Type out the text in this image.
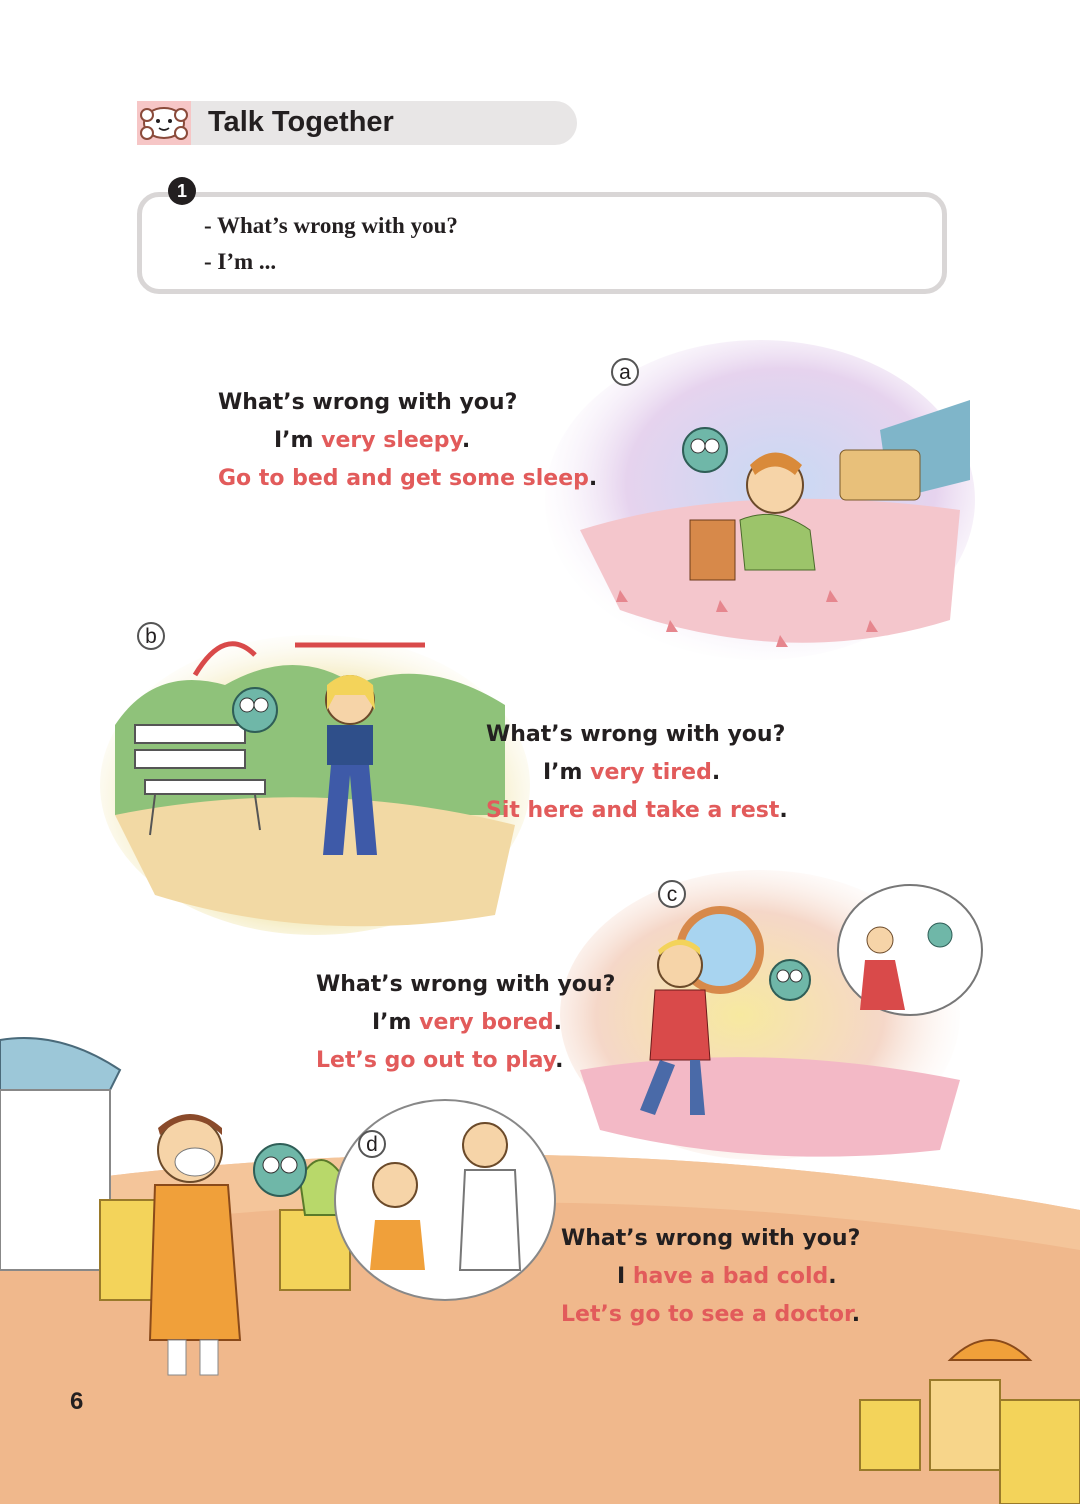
Talk Together
1
- What’s wrong with you?
- I’m ...
a
What’s wrong with you?
I’m very sleepy.
Go to bed and get some sleep.
b
What’s wrong with you?
I’m very tired.
Sit here and take a rest.
c
What’s wrong with you?
I’m very bored.
Let’s go out to play.
d
What’s wrong with you?
I have a bad cold.
Let’s go to see a doctor.
6
